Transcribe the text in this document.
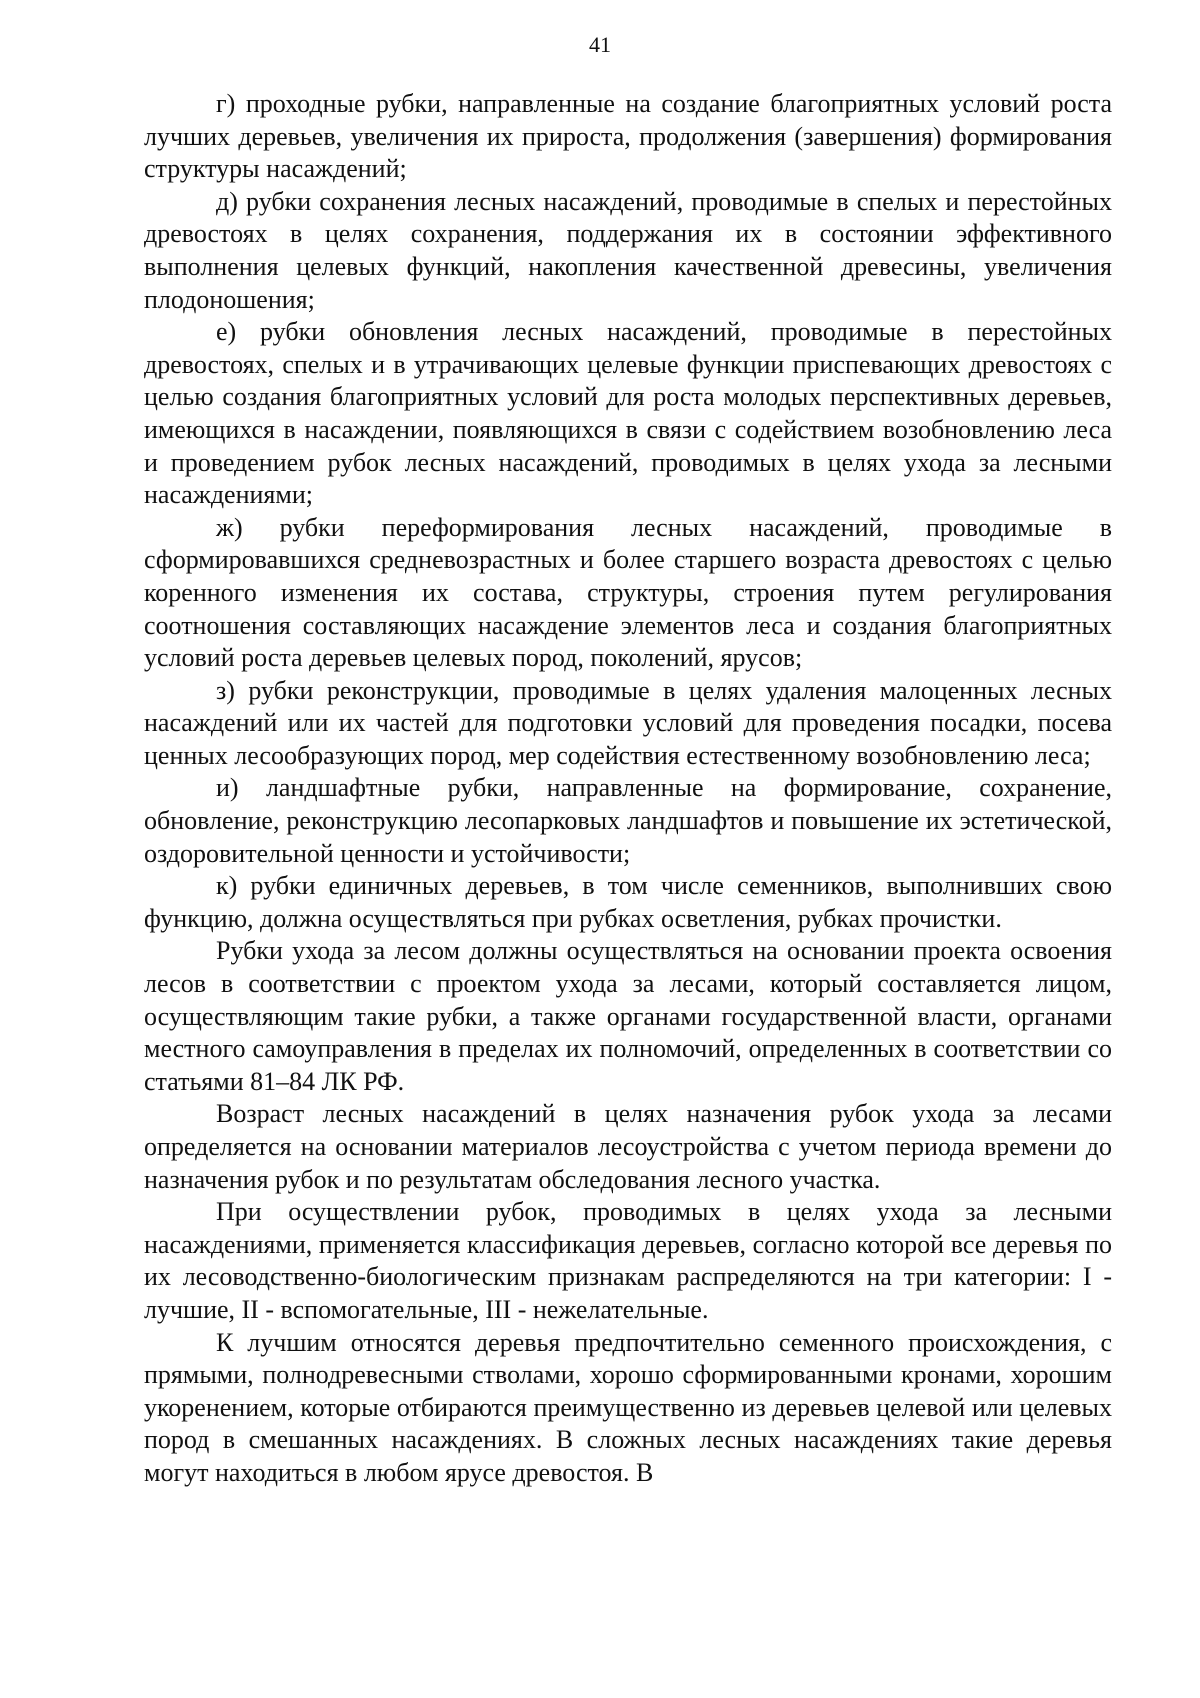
41

г) проходные рубки, направленные на создание благоприятных условий роста лучших деревьев, увеличения их прироста, продолжения (завершения) формирования структуры насаждений;

д) рубки сохранения лесных насаждений, проводимые в спелых и перестойных древостоях в целях сохранения, поддержания их в состоянии эффективного выполнения целевых функций, накопления качественной древесины, увеличения плодоношения;

е) рубки обновления лесных насаждений, проводимые в перестойных древостоях, спелых и в утрачивающих целевые функции приспевающих древостоях с целью создания благоприятных условий для роста молодых перспективных деревьев, имеющихся в насаждении, появляющихся в связи с содействием возобновлению леса и проведением рубок лесных насаждений, проводимых в целях ухода за лесными насаждениями;

ж) рубки переформирования лесных насаждений, проводимые в сформировавшихся средневозрастных и более старшего возраста древостоях с целью коренного изменения их состава, структуры, строения путем регулирования соотношения составляющих насаждение элементов леса и создания благоприятных условий роста деревьев целевых пород, поколений, ярусов;

з) рубки реконструкции, проводимые в целях удаления малоценных лесных насаждений или их частей для подготовки условий для проведения посадки, посева ценных лесообразующих пород, мер содействия естественному возобновлению леса;

и) ландшафтные рубки, направленные на формирование, сохранение, обновление, реконструкцию лесопарковых ландшафтов и повышение их эстетической, оздоровительной ценности и устойчивости;

к) рубки единичных деревьев, в том числе семенников, выполнивших свою функцию, должна осуществляться при рубках осветления, рубках прочистки.

Рубки ухода за лесом должны осуществляться на основании проекта освоения лесов в соответствии с проектом ухода за лесами, который составляется лицом, осуществляющим такие рубки, а также органами государственной власти, органами местного самоуправления в пределах их полномочий, определенных в соответствии со статьями 81–84 ЛК РФ.

Возраст лесных насаждений в целях назначения рубок ухода за лесами определяется на основании материалов лесоустройства с учетом периода времени до назначения рубок и по результатам обследования лесного участка.

При осуществлении рубок, проводимых в целях ухода за лесными насаждениями, применяется классификация деревьев, согласно которой все деревья по их лесоводственно-биологическим признакам распределяются на три категории: I - лучшие, II - вспомогательные, III - нежелательные.

К лучшим относятся деревья предпочтительно семенного происхождения, с прямыми, полнодревесными стволами, хорошо сформированными кронами, хорошим укоренением, которые отбираются преимущественно из деревьев целевой или целевых пород в смешанных насаждениях. В сложных лесных насаждениях такие деревья могут находиться в любом ярусе древостоя. В
